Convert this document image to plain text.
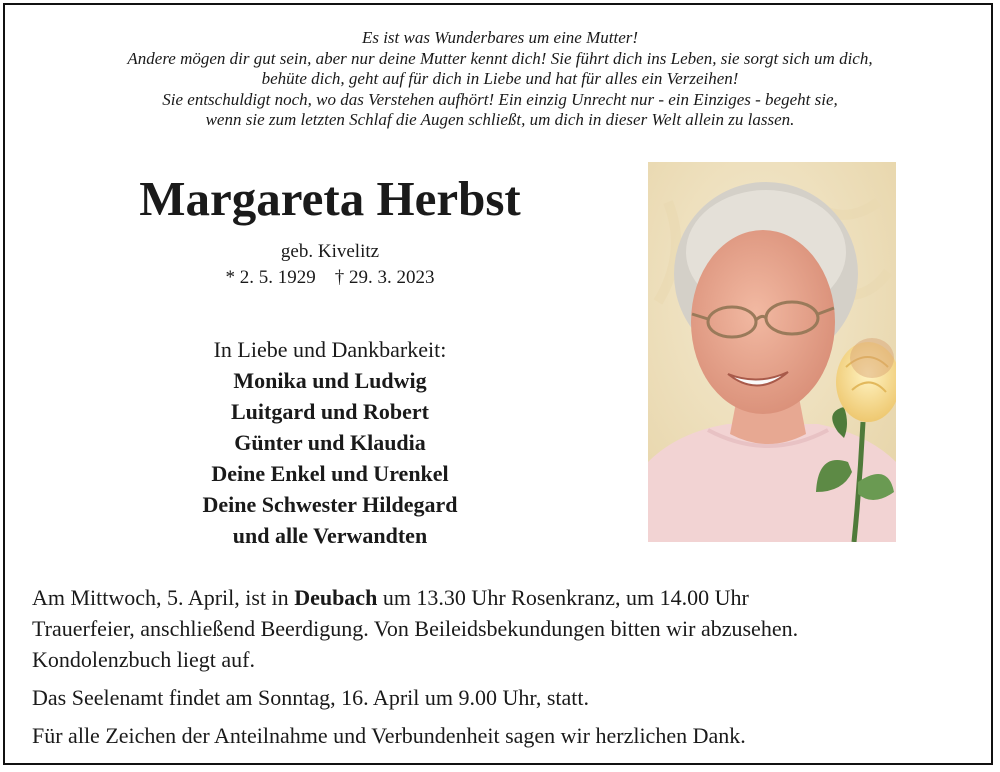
Es ist was Wunderbares um eine Mutter!
Andere mögen dir gut sein, aber nur deine Mutter kennt dich! Sie führt dich ins Leben, sie sorgt sich um dich,
behüte dich, geht auf für dich in Liebe und hat für alles ein Verzeihen!
Sie entschuldigt noch, wo das Verstehen aufhört! Ein einzig Unrecht nur - ein Einziges - begeht sie,
wenn sie zum letzten Schlaf die Augen schließt, um dich in dieser Welt allein zu lassen.
Margareta Herbst
geb. Kivelitz
* 2. 5. 1929 † 29. 3. 2023
In Liebe und Dankbarkeit:
Monika und Ludwig
Luitgard und Robert
Günter und Klaudia
Deine Enkel und Urenkel
Deine Schwester Hildegard
und alle Verwandten

Am Mittwoch, 5. April, ist in Deubach um 13.30 Uhr Rosenkranz, um 14.00 Uhr
Trauerfeier, anschließend Beerdigung. Von Beileidsbekundungen bitten wir abzusehen.
Kondolenzbuch liegt auf.

Das Seelenamt findet am Sonntag, 16. April um 9.00 Uhr, statt.

Für alle Zeichen der Anteilnahme und Verbundenheit sagen wir herzlichen Dank.
